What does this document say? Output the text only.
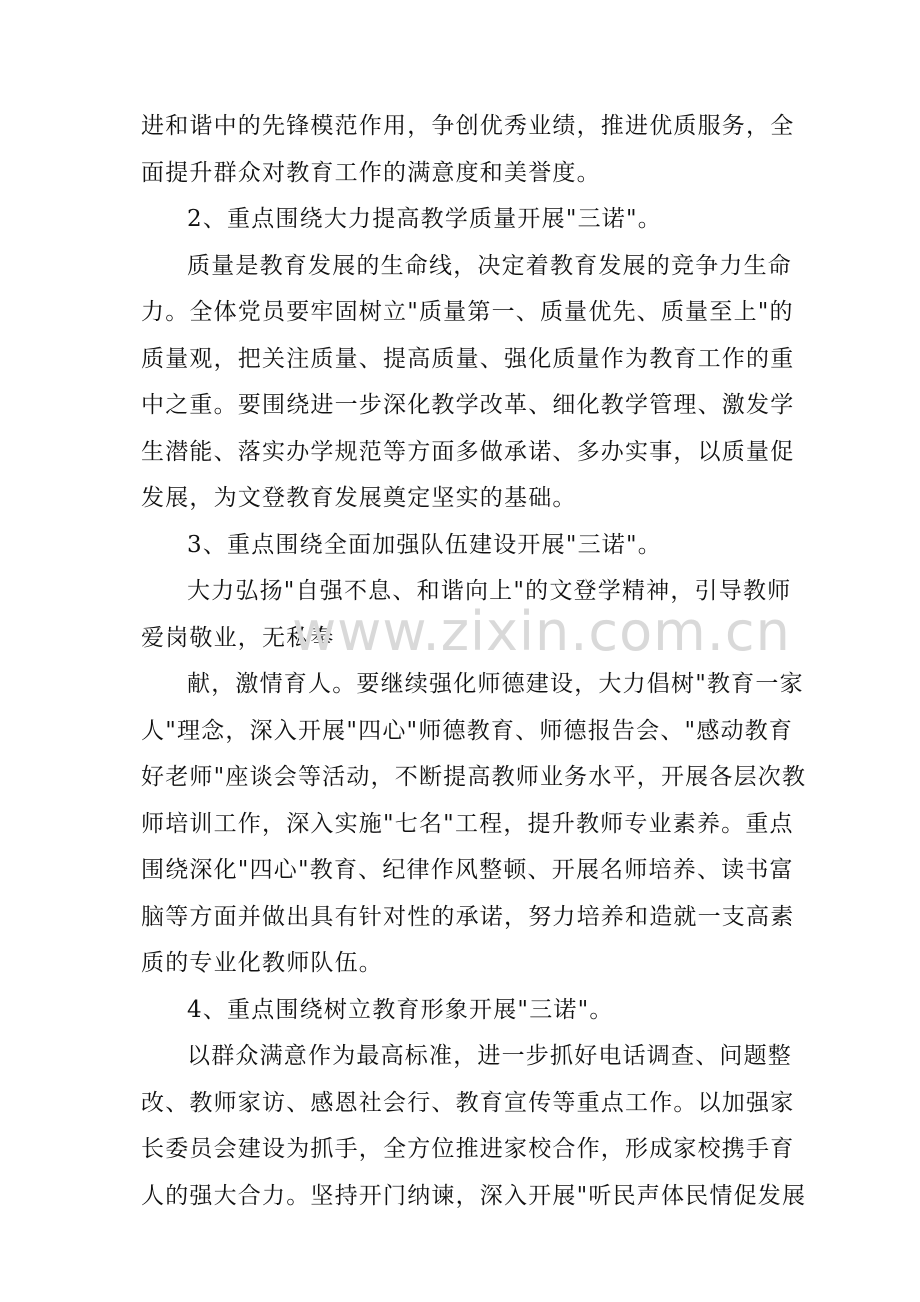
进和谐中的先锋模范作用，争创优秀业绩，推进优质服务，全
面提升群众对教育工作的满意度和美誉度。
2、重点围绕大力提高教学质量开展"三诺"。
质量是教育发展的生命线，决定着教育发展的竞争力生命
力。全体党员要牢固树立"质量第一、质量优先、质量至上"的
质量观，把关注质量、提高质量、强化质量作为教育工作的重
中之重。要围绕进一步深化教学改革、细化教学管理、激发学
生潜能、落实办学规范等方面多做承诺、多办实事，以质量促
发展，为文登教育发展奠定坚实的基础。
3、重点围绕全面加强队伍建设开展"三诺"。
大力弘扬"自强不息、和谐向上"的文登学精神，引导教师
爱岗敬业，无私奉
献，激情育人。要继续强化师德建设，大力倡树"教育一家
人"理念，深入开展"四心"师德教育、师德报告会、"感动教育
好老师"座谈会等活动，不断提高教师业务水平，开展各层次教
师培训工作，深入实施"七名"工程，提升教师专业素养。重点
围绕深化"四心"教育、纪律作风整顿、开展名师培养、读书富
脑等方面并做出具有针对性的承诺，努力培养和造就一支高素
质的专业化教师队伍。
4、重点围绕树立教育形象开展"三诺"。
以群众满意作为最高标准，进一步抓好电话调查、问题整
改、教师家访、感恩社会行、教育宣传等重点工作。以加强家
长委员会建设为抓手，全方位推进家校合作，形成家校携手育
人的强大合力。坚持开门纳谏，深入开展"听民声体民情促发展
www.zixin.com.cn
